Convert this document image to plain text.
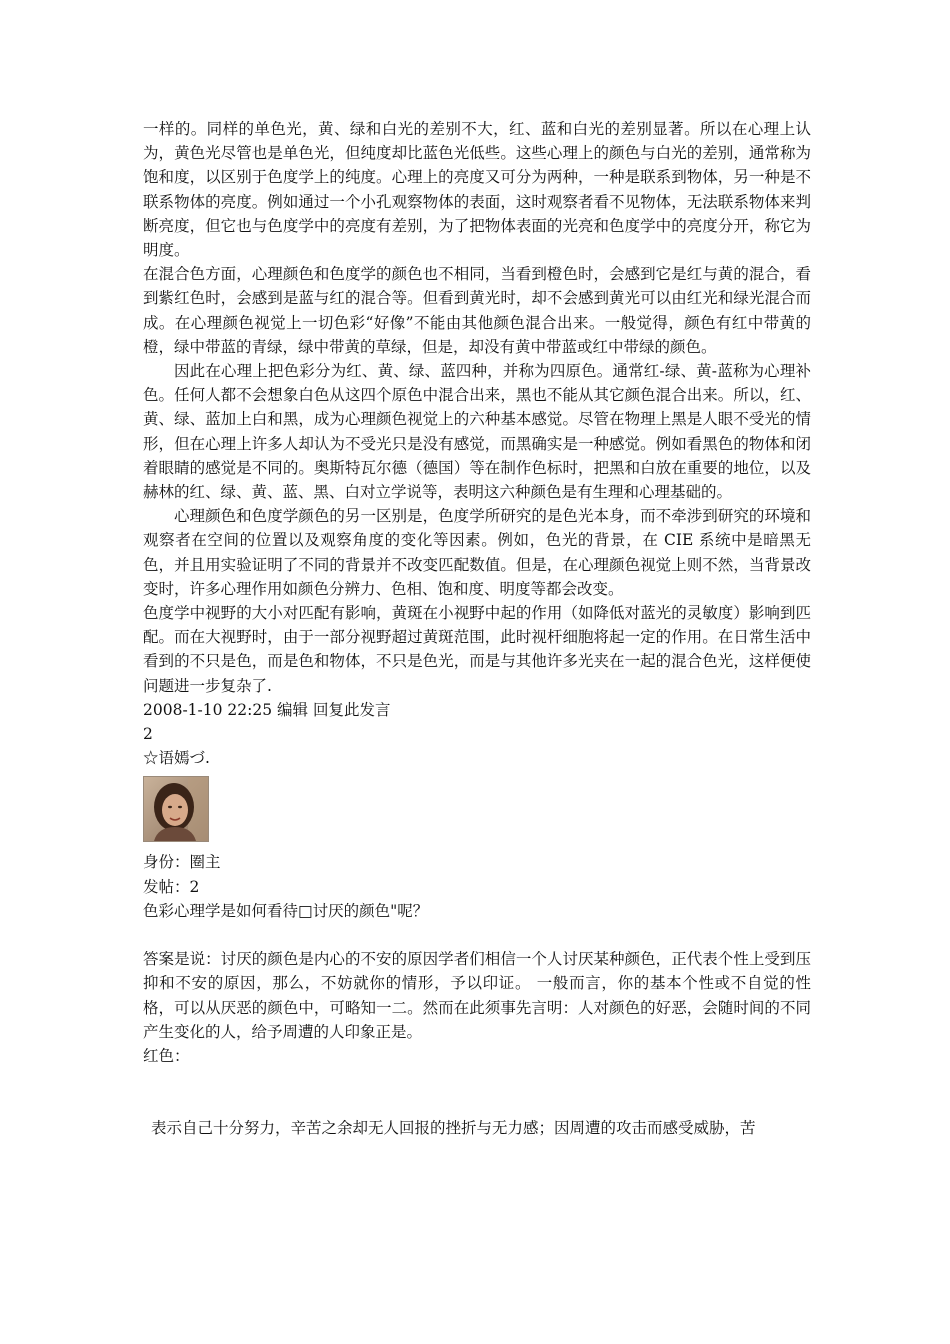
一样的。同样的单色光，黄、绿和白光的差别不大，红、蓝和白光的差别显著。所以在心理上认为，黄色光尽管也是单色光，但纯度却比蓝色光低些。这些心理上的颜色与白光的差别，通常称为饱和度，以区别于色度学上的纯度。心理上的亮度又可分为两种，一种是联系到物体，另一种是不联系物体的亮度。例如通过一个小孔观察物体的表面，这时观察者看不见物体，无法联系物体来判断亮度，但它也与色度学中的亮度有差别，为了把物体表面的光亮和色度学中的亮度分开，称它为明度。

在混合色方面，心理颜色和色度学的颜色也不相同，当看到橙色时，会感到它是红与黄的混合，看到紫红色时，会感到是蓝与红的混合等。但看到黄光时，却不会感到黄光可以由红光和绿光混合而成。在心理颜色视觉上一切色彩“好像”不能由其他颜色混合出来。一般觉得，颜色有红中带黄的橙，绿中带蓝的青绿，绿中带黄的草绿，但是，却没有黄中带蓝或红中带绿的颜色。

因此在心理上把色彩分为红、黄、绿、蓝四种，并称为四原色。通常红-绿、黄-蓝称为心理补色。任何人都不会想象白色从这四个原色中混合出来，黑也不能从其它颜色混合出来。所以，红、黄、绿、蓝加上白和黑，成为心理颜色视觉上的六种基本感觉。尽管在物理上黑是人眼不受光的情形，但在心理上许多人却认为不受光只是没有感觉，而黑确实是一种感觉。例如看黑色的物体和闭着眼睛的感觉是不同的。奥斯特瓦尔德（德国）等在制作色标时，把黑和白放在重要的地位，以及赫林的红、绿、黄、蓝、黑、白对立学说等，表明这六种颜色是有生理和心理基础的。

心理颜色和色度学颜色的另一区别是，色度学所研究的是色光本身，而不牵涉到研究的环境和观察者在空间的位置以及观察角度的变化等因素。例如，色光的背景，在 CIE 系统中是暗黑无色，并且用实验证明了不同的背景并不改变匹配数值。但是，在心理颜色视觉上则不然，当背景改变时，许多心理作用如颜色分辨力、色相、饱和度、明度等都会改变。

色度学中视野的大小对匹配有影响，黄斑在小视野中起的作用（如降低对蓝光的灵敏度）影响到匹配。而在大视野时，由于一部分视野超过黄斑范围，此时视杆细胞将起一定的作用。在日常生活中看到的不只是色，而是色和物体，不只是色光，而是与其他许多光夹在一起的混合色光，这样便使问题进一步复杂了.

2008-1-10 22:25 编辑 回复此发言

2

☆语嫣づ.

身份：圈主

发帖：2

色彩心理学是如何看待□讨厌的颜色"呢？

答案是说：讨厌的颜色是内心的不安的原因学者们相信一个人讨厌某种颜色，正代表个性上受到压抑和不安的原因，那么，不妨就你的情形，予以印证。 一般而言，你的基本个性或不自觉的性格，可以从厌恶的颜色中，可略知一二。然而在此须事先言明：人对颜色的好恶，会随时间的不同产生变化的人，给予周遭的人印象正是。

红色：

表示自己十分努力，辛苦之余却无人回报的挫折与无力感；因周遭的攻击而感受威胁，苦
